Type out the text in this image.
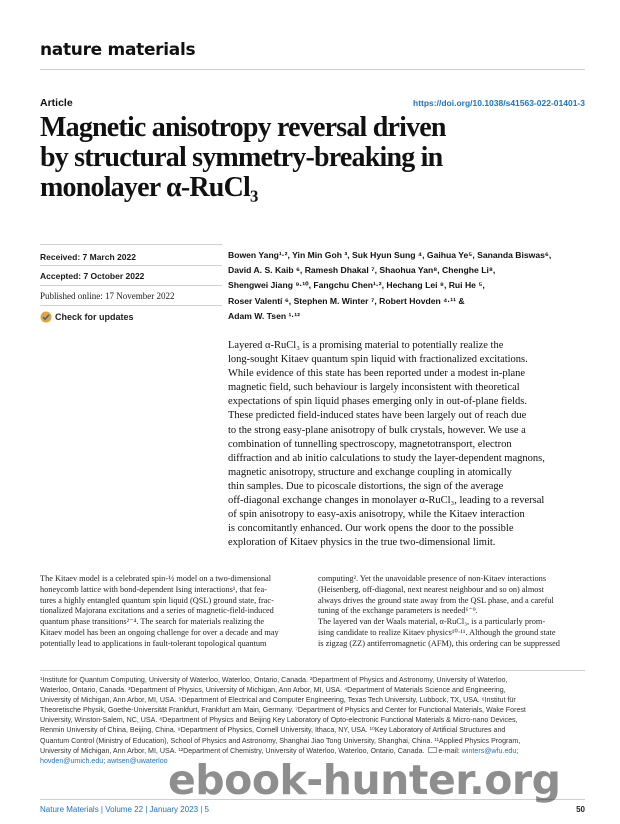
nature materials
Article	https://doi.org/10.1038/s41563-022-01401-3
Magnetic anisotropy reversal driven
by structural symmetry-breaking in
monolayer α-RuCl₃
Received: 7 March 2022
Accepted: 7 October 2022
Published online: 17 November 2022
Check for updates
Bowen Yang¹·², Yin Min Goh ³, Suk Hyun Sung ⁴, Gaihua Ye⁵, Sananda Biswas⁶,
David A. S. Kaib ⁶, Ramesh Dhakal ⁷, Shaohua Yan⁸, Chenghe Li⁸,
Shengwei Jiang ⁹·¹⁰, Fangchu Chen¹·², Hechang Lei ⁸, Rui He ⁵,
Roser Valentí ⁶, Stephen M. Winter ⁷, Robert Hovden ⁴·¹¹ &
Adam W. Tsen ¹·¹²
Layered α-RuCl₃ is a promising material to potentially realize the
long-sought Kitaev quantum spin liquid with fractionalized excitations.
While evidence of this state has been reported under a modest in-plane
magnetic field, such behaviour is largely inconsistent with theoretical
expectations of spin liquid phases emerging only in out-of-plane fields.
These predicted field-induced states have been largely out of reach due
to the strong easy-plane anisotropy of bulk crystals, however. We use a
combination of tunnelling spectroscopy, magnetotransport, electron
diffraction and ab initio calculations to study the layer-dependent magnons,
magnetic anisotropy, structure and exchange coupling in atomically
thin samples. Due to picoscale distortions, the sign of the average
off-diagonal exchange changes in monolayer α-RuCl₃, leading to a reversal
of spin anisotropy to easy-axis anisotropy, while the Kitaev interaction
is concomitantly enhanced. Our work opens the door to the possible
exploration of Kitaev physics in the true two-dimensional limit.
The Kitaev model is a celebrated spin-½ model on a two-dimensional
honeycomb lattice with bond-dependent Ising interactions¹, that fea-
tures a highly entangled quantum spin liquid (QSL) ground state, frac-
tionalized Majorana excitations and a series of magnetic-field-induced
quantum phase transitions²⁻⁴. The search for materials realizing the
Kitaev model has been an ongoing challenge for over a decade and may
potentially lead to applications in fault-tolerant topological quantum
computing². Yet the unavoidable presence of non-Kitaev interactions
(Heisenberg, off-diagonal, next nearest neighbour and so on) almost
always drives the ground state away from the QSL phase, and a careful
tuning of the exchange parameters is needed⁶⁻⁹.
The layered van der Waals material, α-RuCl₃, is a particularly prom-
ising candidate to realize Kitaev physics¹⁰·¹¹. Although the ground state
is zigzag (ZZ) antiferromagnetic (AFM), this ordering can be suppressed
¹Institute for Quantum Computing, University of Waterloo, Waterloo, Ontario, Canada. ²Department of Physics and Astronomy, University of Waterloo,
Waterloo, Ontario, Canada. ³Department of Physics, University of Michigan, Ann Arbor, MI, USA. ⁴Department of Materials Science and Engineering,
University of Michigan, Ann Arbor, MI, USA. ⁵Department of Electrical and Computer Engineering, Texas Tech University, Lubbock, TX, USA. ⁶Institut für
Theoretische Physik, Goethe-Universität Frankfurt, Frankfurt am Main, Germany. ⁷Department of Physics and Center for Functional Materials, Wake Forest
University, Winston-Salem, NC, USA. ⁸Department of Physics and Beijing Key Laboratory of Opto-electronic Functional Materials & Micro-nano Devices,
Renmin University of China, Beijing, China. ⁹Department of Physics, Cornell University, Ithaca, NY, USA. ¹⁰Key Laboratory of Artificial Structures and
Quantum Control (Ministry of Education), School of Physics and Astronomy, Shanghai Jiao Tong University, Shanghai, China. ¹¹Applied Physics Program,
University of Michigan, Ann Arbor, MI, USA. ¹²Department of Chemistry, University of Waterloo, Waterloo, Ontario, Canada. e-mail: winters@wfu.edu;
hovden@umich.edu; awtsen@uwaterloo
Nature Materials | Volume 22 | January 2023 | 5	50
ebook-hunter.org
